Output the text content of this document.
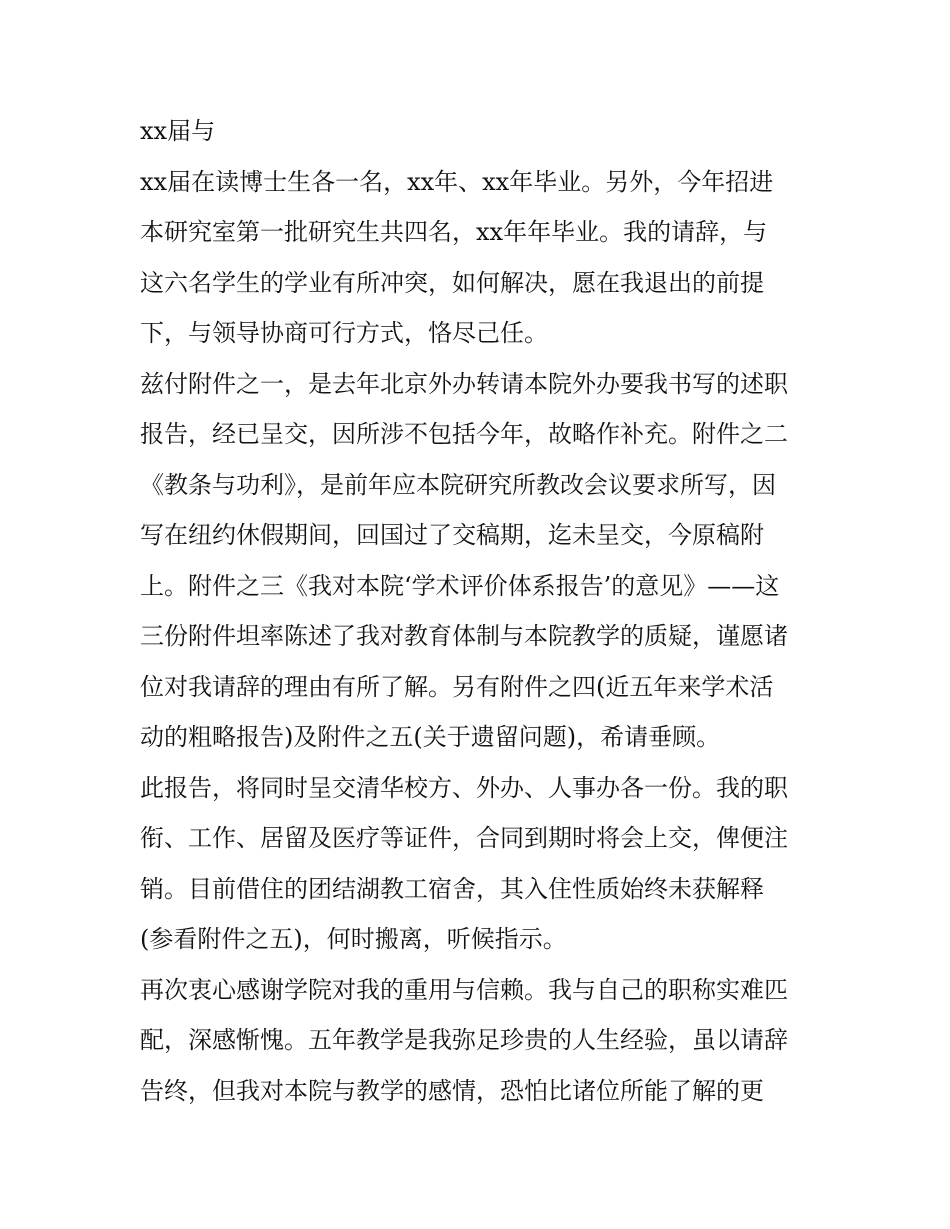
xx届与
xx届在读博士生各一名，xx年、xx年毕业。另外，今年招进
本研究室第一批研究生共四名，xx年年毕业。我的请辞，与
这六名学生的学业有所冲突，如何解决，愿在我退出的前提
下，与领导协商可行方式，恪尽己任。
兹付附件之一，是去年北京外办转请本院外办要我书写的述职
报告，经已呈交，因所涉不包括今年，故略作补充。附件之二
《教条与功利》，是前年应本院研究所教改会议要求所写，因
写在纽约休假期间，回国过了交稿期，迄未呈交，今原稿附
上。附件之三《我对本院‘学术评价体系报告’的意见》——这
三份附件坦率陈述了我对教育体制与本院教学的质疑，谨愿诸
位对我请辞的理由有所了解。另有附件之四(近五年来学术活
动的粗略报告)及附件之五(关于遗留问题)，希请垂顾。
此报告，将同时呈交清华校方、外办、人事办各一份。我的职
衔、工作、居留及医疗等证件，合同到期时将会上交，俾便注
销。目前借住的团结湖教工宿舍，其入住性质始终未获解释
(参看附件之五)，何时搬离，听候指示。
再次衷心感谢学院对我的重用与信赖。我与自己的职称实难匹
配，深感惭愧。五年教学是我弥足珍贵的人生经验，虽以请辞
告终，但我对本院与教学的感情，恐怕比诸位所能了解的更
